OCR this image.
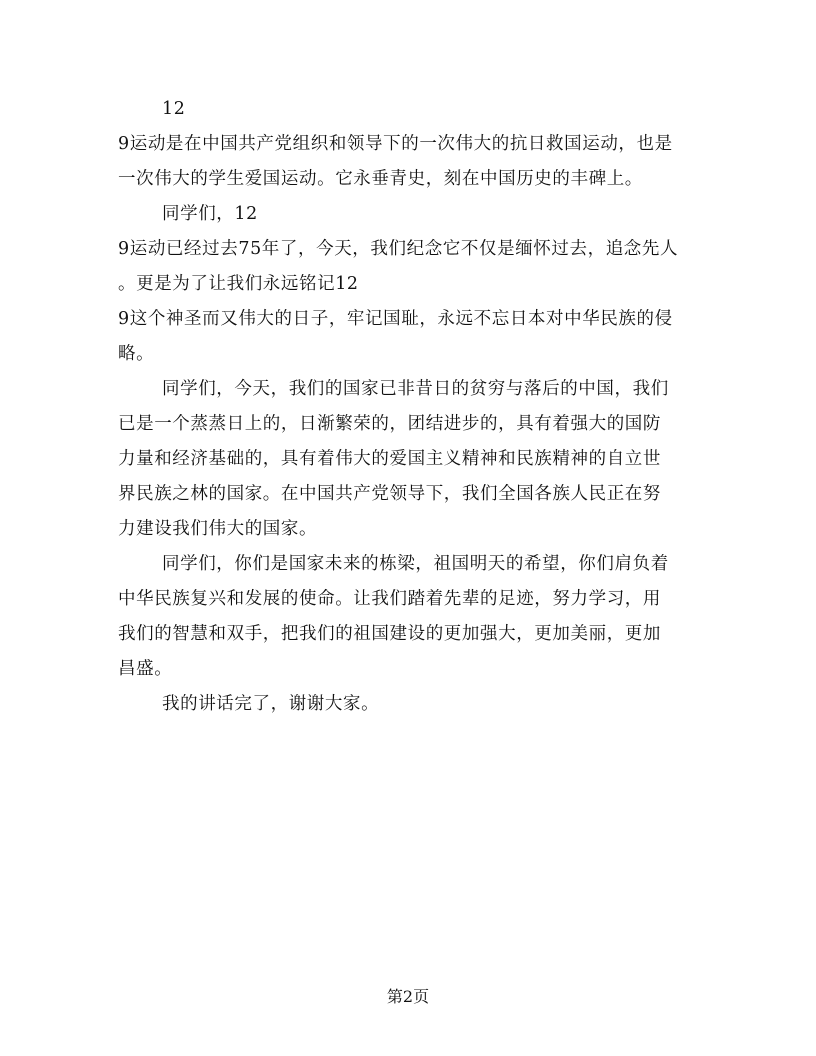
12
9运动是在中国共产党组织和领导下的一次伟大的抗日救国运动，也是
一次伟大的学生爱国运动。它永垂青史，刻在中国历史的丰碑上。
同学们，12
9运动已经过去75年了，今天，我们纪念它不仅是缅怀过去，追念先人
。更是为了让我们永远铭记12
9这个神圣而又伟大的日子，牢记国耻，永远不忘日本对中华民族的侵
略。
同学们，今天，我们的国家已非昔日的贫穷与落后的中国，我们
已是一个蒸蒸日上的，日渐繁荣的，团结进步的，具有着强大的国防
力量和经济基础的，具有着伟大的爱国主义精神和民族精神的自立世
界民族之林的国家。在中国共产党领导下，我们全国各族人民正在努
力建设我们伟大的国家。
同学们，你们是国家未来的栋梁，祖国明天的希望，你们肩负着
中华民族复兴和发展的使命。让我们踏着先辈的足迹，努力学习，用
我们的智慧和双手，把我们的祖国建设的更加强大，更加美丽，更加
昌盛。
我的讲话完了，谢谢大家。
第2页
